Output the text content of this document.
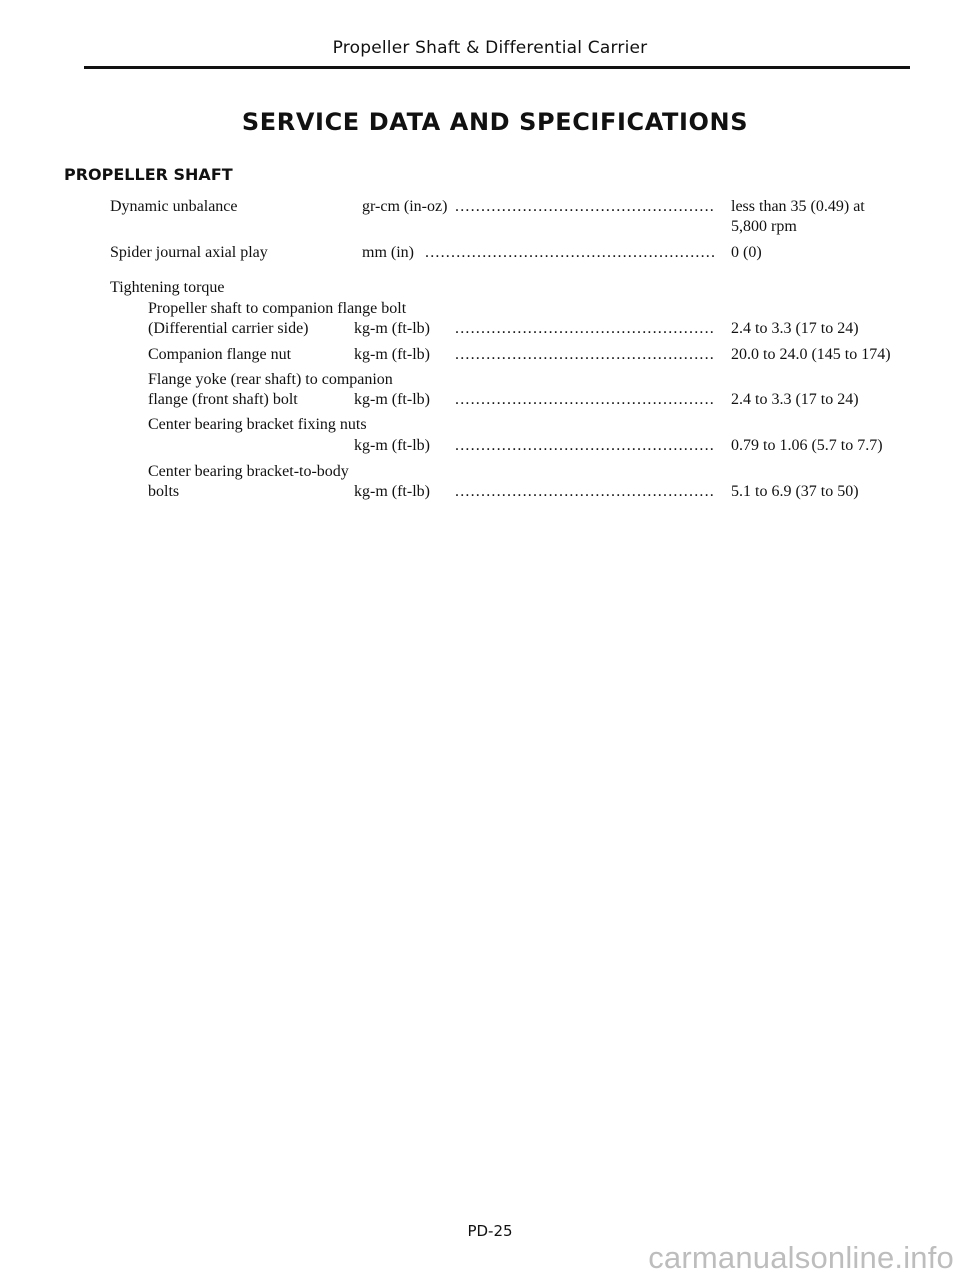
Propeller Shaft & Differential Carrier
SERVICE DATA AND SPECIFICATIONS
PROPELLER SHAFT
Dynamic unbalance	gr-cm (in-oz) .....	less than 35 (0.49) at
5,800 rpm
Spider journal axial play	mm (in) .....	0 (0)
Tightening torque
Propeller shaft to companion flange bolt
(Differential carrier side)	kg-m (ft-lb) .....	2.4 to 3.3 (17 to 24)
Companion flange nut	kg-m (ft-lb) .....	20.0 to 24.0 (145 to 174)
Flange yoke (rear shaft) to companion
flange (front shaft) bolt	kg-m (ft-lb) .....	2.4 to 3.3 (17 to 24)
Center bearing bracket fixing nuts
kg-m (ft-lb) .....	0.79 to 1.06 (5.7 to 7.7)
Center bearing bracket-to-body
bolts	kg-m (ft-lb) .....	5.1 to 6.9 (37 to 50)
PD-25
carmanualsonline.info
